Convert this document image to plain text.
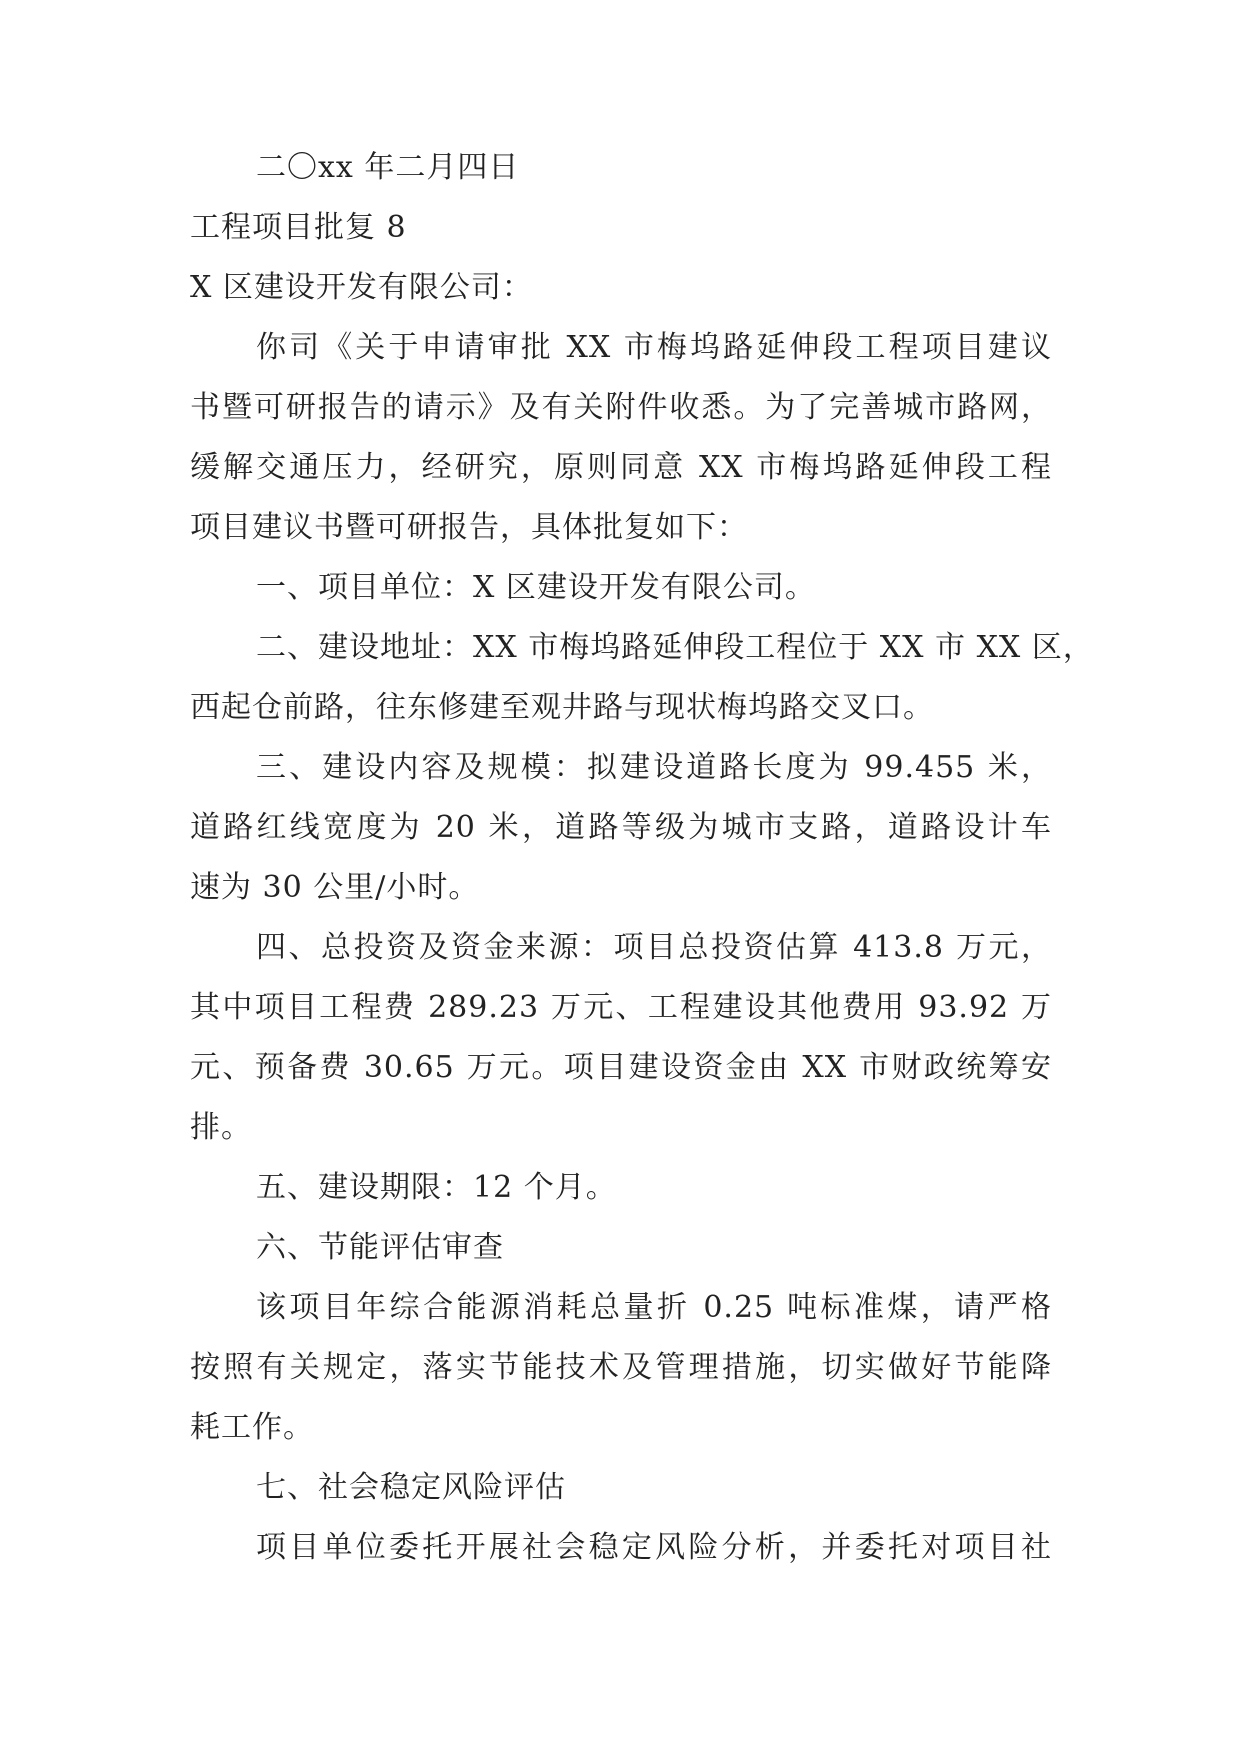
二〇xx 年二月四日
工程项目批复 8
X 区建设开发有限公司：
你司《关于申请审批 XX 市梅坞路延伸段工程项目建议
书暨可研报告的请示》及有关附件收悉。为了完善城市路网，
缓解交通压力，经研究，原则同意 XX 市梅坞路延伸段工程
项目建议书暨可研报告，具体批复如下：
一、项目单位：X 区建设开发有限公司。
二、建设地址：XX 市梅坞路延伸段工程位于 XX 市 XX 区，
西起仓前路，往东修建至观井路与现状梅坞路交叉口。
三、建设内容及规模：拟建设道路长度为 99.455 米，
道路红线宽度为 20 米，道路等级为城市支路，道路设计车
速为 30 公里/小时。
四、总投资及资金来源：项目总投资估算 413.8 万元，
其中项目工程费 289.23 万元、工程建设其他费用 93.92 万
元、预备费 30.65 万元。项目建设资金由 XX 市财政统筹安
排。
五、建设期限：12 个月。
六、节能评估审查
该项目年综合能源消耗总量折 0.25 吨标准煤，请严格
按照有关规定，落实节能技术及管理措施，切实做好节能降
耗工作。
七、社会稳定风险评估
项目单位委托开展社会稳定风险分析，并委托对项目社
